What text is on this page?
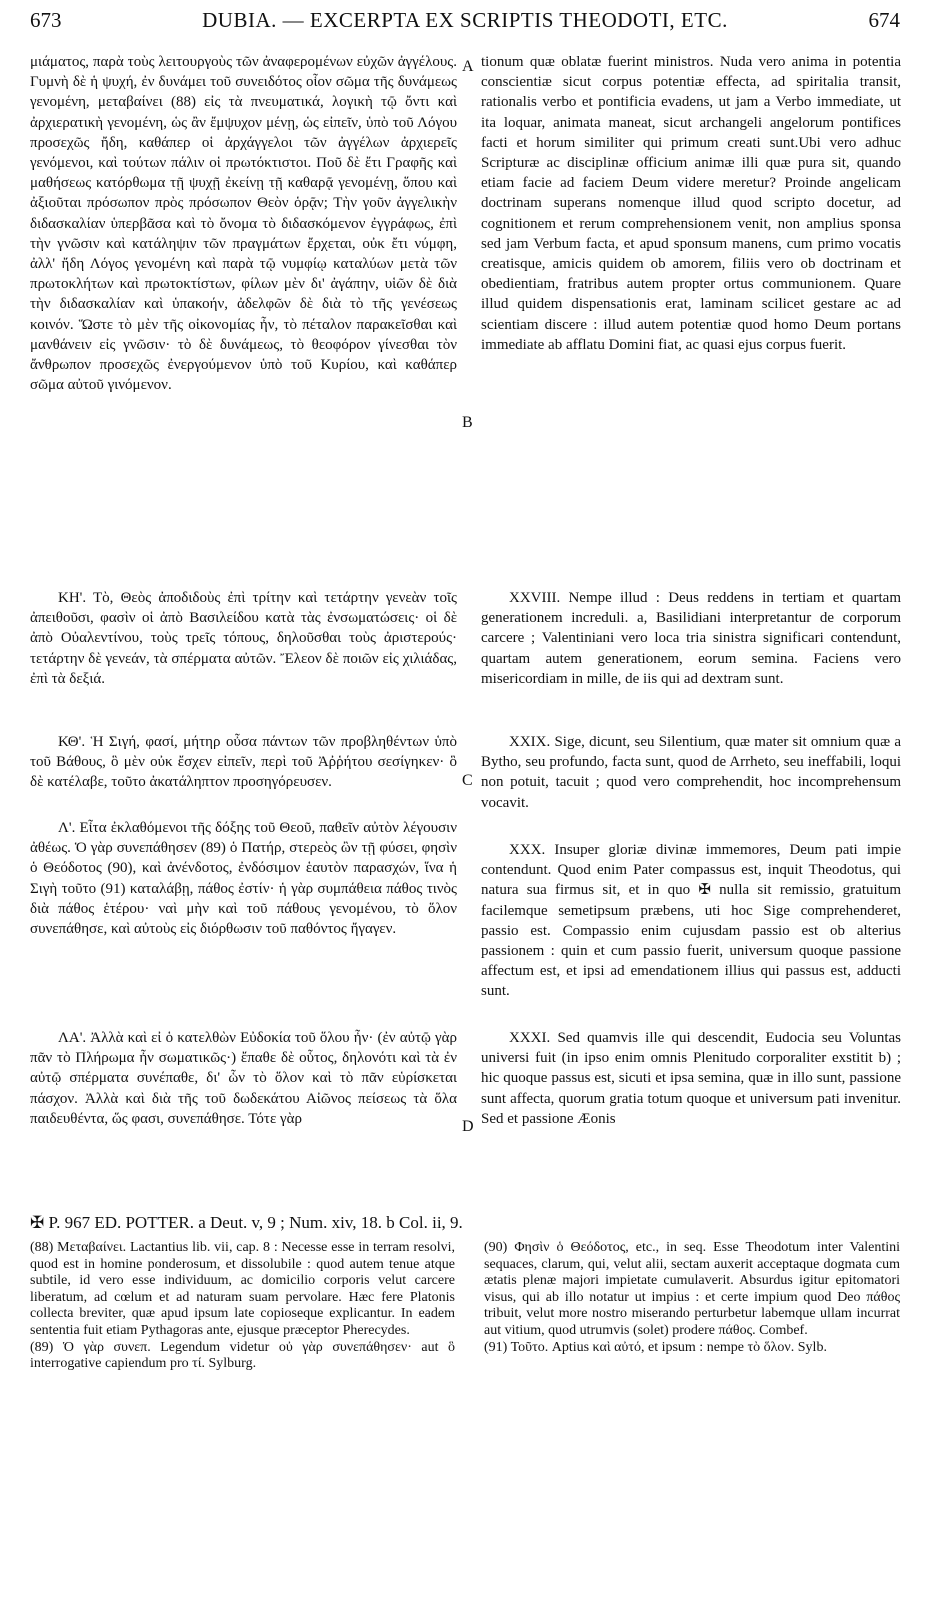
673	DUBIA. — EXCERPTA EX SCRIPTIS THEODOTI, ETC.	674

μιάματος, παρὰ τοὺς λειτουργοὺς τῶν ἀναφερομένων εὐχῶν ἀγγέλους. Γυμνὴ δὲ ἡ ψυχή, ἐν δυνάμει τοῦ συνειδότος οἷον σῶμα τῆς δυνάμεως γενομένη, μεταβαίνει (88) εἰς τὰ πνευματικά, λογικὴ τῷ ὄντι καὶ ἀρχιερατικὴ γενομένη, ὡς ἂν ἔμψυχον μένῃ, ὡς εἰπεῖν, ὑπὸ τοῦ Λόγου προσεχῶς ἤδη, καθάπερ οἱ ἀρχάγγελοι τῶν ἀγγέλων ἀρχιερεῖς γενόμενοι, καὶ τούτων πάλιν οἱ πρωτόκτιστοι. Ποῦ δὲ ἔτι Γραφῆς καὶ μαθήσεως κατόρθωμα τῇ ψυχῇ ἐκείνῃ τῇ καθαρᾷ γενομένῃ, ὅπου καὶ ἀξιοῦται πρόσωπον πρὸς πρόσωπον Θεὸν ὁρᾷν; Τὴν γοῦν ἀγγελικὴν διδασκαλίαν ὑπερβᾶσα καὶ τὸ ὄνομα τὸ διδασκόμενον ἐγγράφως, ἐπὶ τὴν γνῶσιν καὶ κατάληψιν τῶν πραγμάτων ἔρχεται, οὐκ ἔτι νύμφη, ἀλλ' ἤδη Λόγος γενομένη καὶ παρὰ τῷ νυμφίῳ καταλύων μετὰ τῶν πρωτοκλήτων καὶ πρωτοκτίστων, φίλων μὲν δι' ἀγάπην, υἱῶν δὲ διὰ τὴν διδασκαλίαν καὶ ὑπακοήν, ἀδελφῶν δὲ διὰ τὸ τῆς γενέσεως κοινόν. Ὥστε τὸ μὲν τῆς οἰκονομίας ἦν, τὸ πέταλον παρακεῖσθαι καὶ μανθάνειν εἰς γνῶσιν· τὸ δὲ δυνάμεως, τὸ θεοφόρον γίνεσθαι τὸν ἄνθρωπον προσεχῶς ἐνεργούμενον ὑπὸ τοῦ Κυρίου, καὶ καθάπερ σῶμα αὐτοῦ γινόμενον.

ΚΗ'. Τὸ, Θεὸς ἀποδιδοὺς ἐπὶ τρίτην καὶ τετάρτην γενεὰν τοῖς ἀπειθοῦσι, φασὶν οἱ ἀπὸ Βασιλείδου κατὰ τὰς ἐνσωματώσεις· οἱ δὲ ἀπὸ Οὐαλεντίνου, τοὺς τρεῖς τόπους, δηλοῦσθαι τοὺς ἀριστερούς· τετάρτην δὲ γενεάν, τὰ σπέρματα αὐτῶν. Ἔλεον δὲ ποιῶν εἰς χιλιάδας, ἐπὶ τὰ δεξιά.

ΚΘ'. Ἡ Σιγή, φασί, μήτηρ οὖσα πάντων τῶν προβληθέντων ὑπὸ τοῦ Βάθους, ὃ μὲν οὐκ ἔσχεν εἰπεῖν, περὶ τοῦ Ἀῤῥήτου σεσίγηκεν· ὃ δὲ κατέλαβε, τοῦτο ἀκατάληπτον προσηγόρευσεν.

Λ'. Εἶτα ἐκλαθόμενοι τῆς δόξης τοῦ Θεοῦ, παθεῖν αὐτὸν λέγουσιν ἀθέως. Ὁ γὰρ συνεπάθησεν (89) ὁ Πατήρ, στερεὸς ὢν τῇ φύσει, φησὶν ὁ Θεόδοτος (90), καὶ ἀνένδοτος, ἐνδόσιμον ἑαυτὸν παρασχών, ἵνα ἡ Σιγὴ τοῦτο (91) καταλάβῃ, πάθος ἐστίν· ἡ γὰρ συμπάθεια πάθος τινὸς διὰ πάθος ἑτέρου· ναὶ μὴν καὶ τοῦ πάθους γενομένου, τὸ ὅλον συνεπάθησε, καὶ αὐτοὺς εἰς διόρθωσιν τοῦ παθόντος ἤγαγεν.

ΛΑ'. Ἀλλὰ καὶ εἰ ὁ κατελθὼν Εὐδοκία τοῦ ὅλου ἦν· (ἐν αὐτῷ γὰρ πᾶν τὸ Πλήρωμα ἦν σωματικῶς·) ἔπαθε δὲ οὗτος, δηλονότι καὶ τὰ ἐν αὐτῷ σπέρματα συνέπαθε, δι' ὧν τὸ ὅλον καὶ τὸ πᾶν εὑρίσκεται πάσχον. Ἀλλὰ καὶ διὰ τῆς τοῦ δωδεκάτου Αἰῶνος πείσεως τὰ ὅλα παιδευθέντα, ὥς φασι, συνεπάθησε. Τότε γὰρ

A
B
C
D

tionum quæ oblatæ fuerint ministros. Nuda vero anima in potentia conscientiæ sicut corpus potentiæ effecta, ad spiritalia transit, rationalis verbo et pontificia evadens, ut jam a Verbo immediate, ut ita loquar, animata maneat, sicut archangeli angelorum pontifices facti et horum similiter qui primum creati sunt.Ubi vero adhuc Scripturæ ac disciplinæ officium animæ illi quæ pura sit, quando etiam facie ad faciem Deum videre meretur? Proinde angelicam doctrinam superans nomenque illud quod scripto docetur, ad cognitionem et rerum comprehensionem venit, non amplius sponsa sed jam Verbum facta, et apud sponsum manens, cum primo vocatis creatisque, amicis quidem ob amorem, filiis vero ob doctrinam et obedientiam, fratribus autem propter ortus communionem. Quare illud quidem dispensationis erat, laminam scilicet gestare ac ad scientiam discere : illud autem potentiæ quod homo Deum portans immediate ab afflatu Domini fiat, ac quasi ejus corpus fuerit.

XXVIII. Nempe illud : Deus reddens in tertiam et quartam generationem increduli. a, Basilidiani interpretantur de corporum carcere ; Valentiniani vero loca tria sinistra significari contendunt, quartam autem generationem, eorum semina. Faciens vero misericordiam in mille, de iis qui ad dextram sunt.

XXIX. Sige, dicunt, seu Silentium, quæ mater sit omnium quæ a Bytho, seu profundo, facta sunt, quod de Arrheto, seu ineffabili, loqui non potuit, tacuit ; quod vero comprehendit, hoc incomprehensum vocavit.

XXX. Insuper gloriæ divinæ immemores, Deum pati impie contendunt. Quod enim Pater compassus est, inquit Theodotus, qui natura sua firmus sit, et in quo ✠ nulla sit remissio, gratuitum facilemque semetipsum præbens, uti hoc Sige comprehenderet, passio est. Compassio enim cujusdam passio est ob alterius passionem : quin et cum passio fuerit, universum quoque passione affectum est, et ipsi ad emendationem illius qui passus est, adducti sunt.

XXXI. Sed quamvis ille qui descendit, Eudocia seu Voluntas universi fuit (in ipso enim omnis Plenitudo corporaliter exstitit b) ; hic quoque passus est, sicuti et ipsa semina, quæ in illo sunt, passione sunt affecta, quorum gratia totum quoque et universum pati invenitur. Sed et passione Æonis

✠ P. 967 ED. POTTER. a Deut. v, 9 ; Num. xiv, 18. b Col. ii, 9.

(88) Μεταβαίνει. Lactantius lib. vii, cap. 8 : Necesse esse in terram resolvi, quod est in homine ponderosum, et dissolubile : quod autem tenue atque subtile, id vero esse individuum, ac domicilio corporis velut carcere liberatum, ad cœlum et ad naturam suam pervolare. Hæc fere Platonis collecta breviter, quæ apud ipsum late copioseque explicantur. In eadem sententia fuit etiam Pythagoras ante, ejusque præceptor Pherecydes.

(89) Ὁ γὰρ συνεπ. Legendum videtur οὐ γὰρ συνεπάθησεν· aut ὃ interrogative capiendum pro τί. Sylburg.

(90) Φησὶν ὁ Θεόδοτος, etc., in seq. Esse Theodotum inter Valentini sequaces, clarum, qui, velut alii, sectam auxerit acceptaque dogmata cum ætatis plenæ majori impietate cumulaverit. Absurdus igitur epitomatori visus, qui ab illo notatur ut impius : et certe impium quod Deo πάθος tribuit, velut more nostro miserando perturbetur labemque ullam incurrat aut vitium, quod utrumvis (solet) prodere πάθος. Combef.

(91) Τοῦτο. Aptius καὶ αὐτό, et ipsum : nempe τὸ ὅλον. Sylb.
